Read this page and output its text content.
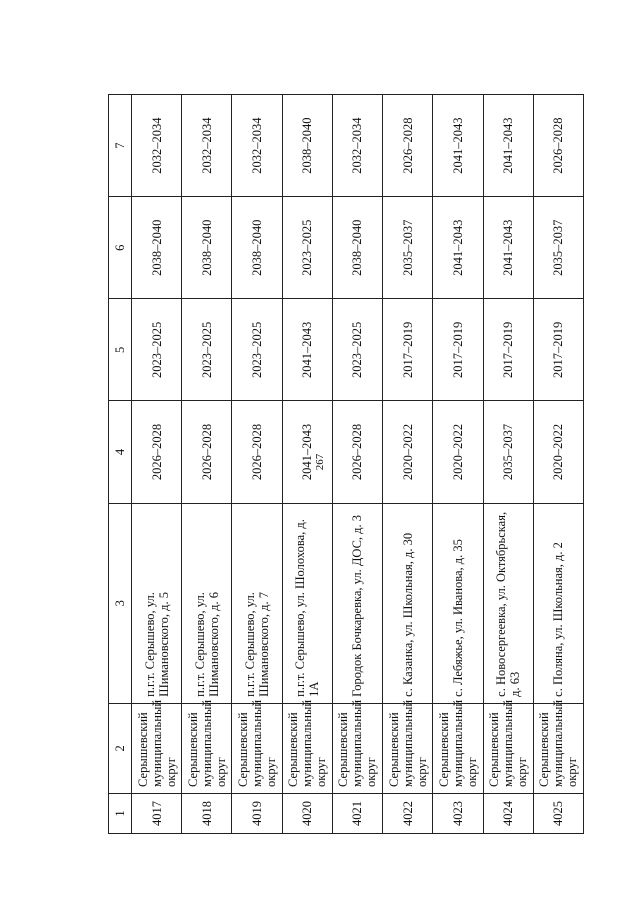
267
1	2	3	4	5	6	7
4017	Серышевский муниципальный округ	п.г.т. Серышево, ул. Шимановского, д. 5	2026–2028	2023–2025	2038–2040	2032–2034
4018	Серышевский муниципальный округ	п.г.т. Серышево, ул. Шимановского, д. 6	2026–2028	2023–2025	2038–2040	2032–2034
4019	Серышевский муниципальный округ	п.г.т. Серышево, ул. Шимановского, д. 7	2026–2028	2023–2025	2038–2040	2032–2034
4020	Серышевский муниципальный округ	п.г.т. Серышево, ул. Шолохова, д. 1А	2041–2043	2041–2043	2023–2025	2038–2040
4021	Серышевский муниципальный округ	Городок Бочкаревка, ул. ДОС, д. 3	2026–2028	2023–2025	2038–2040	2032–2034
4022	Серышевский муниципальный округ	с. Казанка, ул. Школьная, д. 30	2020–2022	2017–2019	2035–2037	2026–2028
4023	Серышевский муниципальный округ	с. Лебяжье, ул. Иванова, д. 35	2020–2022	2017–2019	2041–2043	2041–2043
4024	Серышевский муниципальный округ	с. Новосергеевка, ул. Октябрьская, д. 63	2035–2037	2017–2019	2041–2043	2041–2043
4025	Серышевский муниципальный округ	с. Поляна, ул. Школьная, д. 2	2020–2022	2017–2019	2035–2037	2026–2028
